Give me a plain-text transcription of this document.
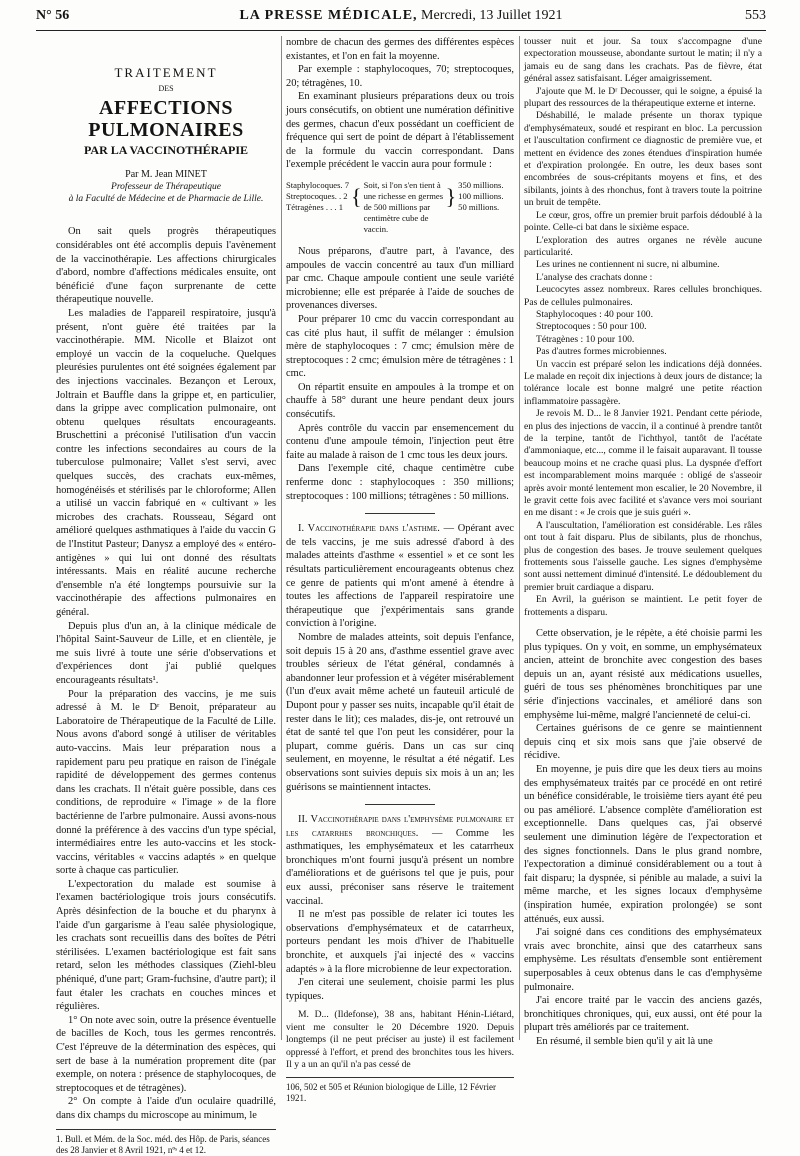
N° 56	LA PRESSE MÉDICALE, Mercredi, 13 Juillet 1921	553
TRAITEMENT
DES
AFFECTIONS PULMONAIRES
PAR LA VACCINOTHÉRAPIE
Par M. Jean MINET
Professeur de Thérapeutique
à la Faculté de Médecine et de Pharmacie de Lille.

On sait quels progrès thérapeutiques considérables ont été accomplis depuis l'avènement de la vaccinothérapie. Les affections chirurgicales d'abord, nombre d'affections médicales ensuite, ont bénéficié d'une façon surprenante de cette thérapeutique nouvelle.

Les maladies de l'appareil respiratoire, jusqu'à présent, n'ont guère été traitées par la vaccinothérapie. MM. Nicolle et Blaizot ont employé un vaccin de la coqueluche. Quelques pleurésies purulentes ont été soignées également par des injections vaccinales. Bezançon et Leroux, Joltrain et Bauffle dans la grippe et, en particulier, dans la grippe avec complication pulmonaire, ont obtenu quelques résultats encourageants. Bruschettini a préconisé l'utilisation d'un vaccin contre les infections secondaires au cours de la tuberculose pulmonaire; Vallet s'est servi, avec quelques succès, des crachats eux-mêmes, homogénéisés et stérilisés par le chloroforme; Allen a utilisé un vaccin fabriqué en « cultivant » les microbes des crachats. Rousseau, Ségard ont amélioré quelques asthmatiques à l'aide du vaccin G de l'Institut Pasteur; Danysz a employé des « entéro-antigènes » qui lui ont donné des résultats intéressants. Mais en réalité aucune recherche d'ensemble n'a été longtemps poursuivie sur la vaccinothérapie des affections pulmonaires en général.

Depuis plus d'un an, à la clinique médicale de l'hôpital Saint-Sauveur de Lille, et en clientèle, je me suis livré à toute une série d'observations et d'expériences dont j'ai publié quelques encourageants résultats¹.

Pour la préparation des vaccins, je me suis adressé à M. le Dʳ Benoit, préparateur au Laboratoire de Thérapeutique de la Faculté de Lille. Nous avons d'abord songé à utiliser de véritables auto-vaccins. Mais leur préparation nous a rapidement paru peu pratique en raison de l'inégale rapidité de développement des germes contenus dans les crachats. Il n'était guère possible, dans ces conditions, de reproduire « l'image » de la flore bactérienne de l'arbre pulmonaire. Aussi avons-nous donné la préférence à des vaccins d'un type spécial, intermédiaires entre les auto-vaccins et les stock-vaccins, véritables « vaccins adaptés » en quelque sorte à chaque cas particulier.

L'expectoration du malade est soumise à l'examen bactériologique trois jours consécutifs. Après désinfection de la bouche et du pharynx à l'aide d'un gargarisme à l'eau salée physiologique, les crachats sont recueillis dans des boîtes de Pétri stérilisées. L'examen bactériologique est fait sans retard, selon les méthodes classiques (Ziehl-bleu phéniqué, d'une part; Gram-fuchsine, d'autre part); il faut étaler les crachats en couches minces et régulières.

1° On note avec soin, outre la présence éventuelle de bacilles de Koch, tous les germes rencontrés. C'est l'épreuve de la détermination des espèces, qui sert de base à la numération proprement dite (par exemple, on notera : présence de staphylocoques, de streptocoques et de tétragènes).

2° On compte à l'aide d'un oculaire quadrillé, dans dix champs du microscope au minimum, le

1. Bull. et Mém. de la Soc. méd. des Hôp. de Paris, séances des 28 Janvier et 8 Avril 1921, nºˢ 4 et 12.

nombre de chacun des germes des différentes espèces existantes, et l'on en fait la moyenne.

Par exemple : staphylocoques, 70; streptocoques, 20; tétragènes, 10.

En examinant plusieurs préparations deux ou trois jours consécutifs, on obtient une numération définitive des germes, chacun d'eux possédant un coefficient de fréquence qui sert de point de départ à l'établissement de la formule du vaccin correspondant. Dans l'exemple précédent le vaccin aura pour formule :

Staphylocoques. 7
Streptocoques. . 2
Tétragènes . . . 1 { Soit, si l'on s'en tient à une richesse en germes de 500 millions par centimètre cube de vaccin.
} 350 millions.
100 millions.
50 millions.

Nous préparons, d'autre part, à l'avance, des ampoules de vaccin concentré au taux d'un milliard par cmc. Chaque ampoule contient une seule variété microbienne; elle est préparée à l'aide de souches de provenances diverses.

Pour préparer 10 cmc du vaccin correspondant au cas cité plus haut, il suffit de mélanger : émulsion mère de staphylocoques : 7 cmc; émulsion mère de streptocoques : 2 cmc; émulsion mère de tétragènes : 1 cmc.

On répartit ensuite en ampoules à la trompe et on chauffe à 58° durant une heure pendant deux jours consécutifs.

Après contrôle du vaccin par ensemencement du contenu d'une ampoule témoin, l'injection peut être faite au malade à raison de 1 cmc tous les deux jours.

Dans l'exemple cité, chaque centimètre cube renferme donc : staphylocoques : 350 millions; streptocoques : 100 millions; tétragènes : 50 millions.

I. Vaccinothérapie dans l'asthme. — Opérant avec de tels vaccins, je me suis adressé d'abord à des malades atteints d'asthme « essentiel » et ce sont les résultats particulièrement encourageants obtenus chez ce genre de patients qui m'ont amené à étendre à toutes les affections de l'appareil respiratoire une thérapeutique que j'expérimentais sans grande conviction à l'origine.

Nombre de malades atteints, soit depuis l'enfance, soit depuis 15 à 20 ans, d'asthme essentiel grave avec troubles sérieux de l'état général, condamnés à abandonner leur profession et à végéter misérablement (l'un d'eux avait même acheté un fauteuil articulé de Dupont pour y passer ses nuits, incapable qu'il était de rester dans le lit); ces malades, dis-je, ont retrouvé un état de santé tel que l'on peut les considérer, pour la plupart, comme guéris. Dans un cas sur cinq seulement, en moyenne, le résultat a été négatif. Les observations sont suivies depuis six mois à un an; les guérisons se maintiennent intactes.

II. Vaccinothérapie dans l'emphysème pulmonaire et les catarrhes bronchiques. — Comme les asthmatiques, les emphysémateux et les catarrheux bronchiques m'ont fourni jusqu'à présent un nombre d'améliorations et de guérisons tel que je puis, pour eux aussi, préconiser sans réserve le traitement vaccinal.

Il ne m'est pas possible de relater ici toutes les observations d'emphysémateux et de catarrheux, porteurs pendant les mois d'hiver de l'habituelle bronchite, et auxquels j'ai injecté des « vaccins adaptés » à la flore microbienne de leur expectoration.

J'en citerai une seulement, choisie parmi les plus typiques.

M. D... (Ildefonse), 38 ans, habitant Hénin-Liétard, vient me consulter le 20 Décembre 1920. Depuis longtemps (il ne peut préciser au juste) il est facilement oppressé à l'effort, et prend des bronchites tous les hivers. Il y a un an qu'il n'a pas cessé de

106, 502 et 505 et Réunion biologique de Lille, 12 Février 1921.

tousser nuit et jour. Sa toux s'accompagne d'une expectoration mousseuse, abondante surtout le matin; il n'y a jamais eu de sang dans les crachats. Pas de fièvre, état général assez satisfaisant. Léger amaigrissement.

J'ajoute que M. le Dʳ Decousser, qui le soigne, a épuisé la plupart des ressources de la thérapeutique externe et interne.

Déshabillé, le malade présente un thorax typique d'emphysémateux, soudé et respirant en bloc. La percussion et l'auscultation confirment ce diagnostic de première vue, et mettent en évidence des zones étendues d'inspiration humée et d'expiration prolongée. En outre, les deux bases sont encombrées de sous-crépitants moyens et fins, et des sibilants, joints à des rhonchus, font à travers toute la poitrine un bruit de tempête.

Le cœur, gros, offre un premier bruit parfois dédoublé à la pointe. Celle-ci bat dans le sixième espace.

L'exploration des autres organes ne révèle aucune particularité.

Les urines ne contiennent ni sucre, ni albumine.

L'analyse des crachats donne :

Leucocytes assez nombreux. Rares cellules bronchiques. Pas de cellules pulmonaires.

Staphylocoques : 40 pour 100.

Streptocoques : 50 pour 100.

Tétragènes : 10 pour 100.

Pas d'autres formes microbiennes.

Un vaccin est préparé selon les indications déjà données. Le malade en reçoit dix injections à deux jours de distance; la tolérance locale est bonne malgré une petite réaction inflammatoire passagère.

Je revois M. D... le 8 Janvier 1921. Pendant cette période, en plus des injections de vaccin, il a continué à prendre tantôt de la terpine, tantôt de l'ichthyol, tantôt de l'acétate d'ammoniaque, etc..., comme il le faisait auparavant. Il tousse beaucoup moins et ne crache quasi plus. La dyspnée d'effort est incomparablement moins marquée : obligé de s'asseoir après avoir monté lentement mon escalier, le 20 Novembre, il le gravit cette fois avec facilité et s'avance vers moi souriant en me disant : « Je crois que je suis guéri ».

A l'auscultation, l'amélioration est considérable. Les râles ont tout à fait disparu. Plus de sibilants, plus de rhonchus, plus de congestion des bases. Je trouve seulement quelques frottements sous l'aisselle gauche. Les signes d'emphysème sont aussi nettement diminué d'intensité. Le dédoublement du premier bruit cardiaque a disparu.

En Avril, la guérison se maintient. Le petit foyer de frottements a disparu.

Cette observation, je le répète, a été choisie parmi les plus typiques. On y voit, en somme, un emphysémateux ancien, atteint de bronchite avec congestion des bases depuis un an, ayant résisté aux médications usuelles, guéri de tous ses phénomènes bronchitiques par une série d'injections vaccinales, et amélioré dans son emphysème lui-même, malgré l'ancienneté de celui-ci.

Certaines guérisons de ce genre se maintiennent depuis cinq et six mois sans que j'aie observé de récidive.

En moyenne, je puis dire que les deux tiers au moins des emphysémateux traités par ce procédé en ont retiré un bénéfice considérable, le troisième tiers ayant été peu ou pas amélioré. L'absence complète d'amélioration est exceptionnelle. Dans quelques cas, j'ai observé seulement une diminution légère de l'expectoration et des signes fonctionnels. Dans le plus grand nombre, l'expectoration a diminué considérablement ou a tout à fait disparu; la dyspnée, si pénible au malade, a suivi la même marche, et les signes locaux d'emphysème (inspiration humée, expiration prolongée) se sont atténués, eux aussi.

J'ai soigné dans ces conditions des emphysémateux vrais avec bronchite, ainsi que des catarrheux sans emphysème. Les résultats d'ensemble sont entièrement superposables à ceux obtenus dans le cas d'emphysème pulmonaire.

J'ai encore traité par le vaccin des anciens gazés, bronchitiques chroniques, qui, eux aussi, ont été pour la plupart très améliorés par ce traitement.

En résumé, il semble bien qu'il y ait là une
